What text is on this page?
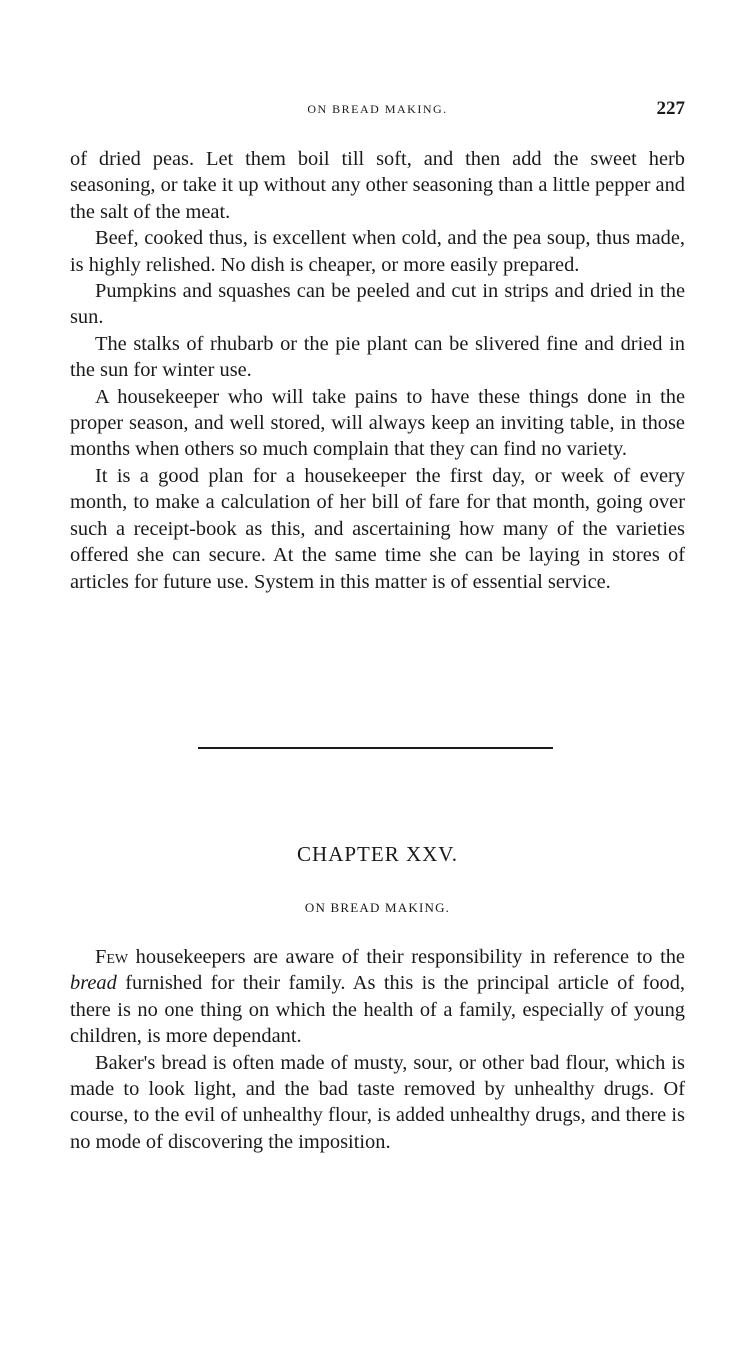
ON BREAD MAKING.	227

of dried peas. Let them boil till soft, and then add the sweet herb seasoning, or take it up without any other seasoning than a little pepper and the salt of the meat.

Beef, cooked thus, is excellent when cold, and the pea soup, thus made, is highly relished. No dish is cheaper, or more easily prepared.

Pumpkins and squashes can be peeled and cut in strips and dried in the sun.

The stalks of rhubarb or the pie plant can be slivered fine and dried in the sun for winter use.

A housekeeper who will take pains to have these things done in the proper season, and well stored, will always keep an inviting table, in those months when others so much complain that they can find no variety.

It is a good plan for a housekeeper the first day, or week of every month, to make a calculation of her bill of fare for that month, going over such a receipt-book as this, and ascertaining how many of the varieties offered she can secure. At the same time she can be laying in stores of articles for future use. System in this matter is of essential service.

CHAPTER XXV.
ON BREAD MAKING.

Few housekeepers are aware of their responsibility in reference to the bread furnished for their family. As this is the principal article of food, there is no one thing on which the health of a family, especially of young children, is more dependant.

Baker's bread is often made of musty, sour, or other bad flour, which is made to look light, and the bad taste removed by unhealthy drugs. Of course, to the evil of unhealthy flour, is added unhealthy drugs, and there is no mode of discovering the imposition.
